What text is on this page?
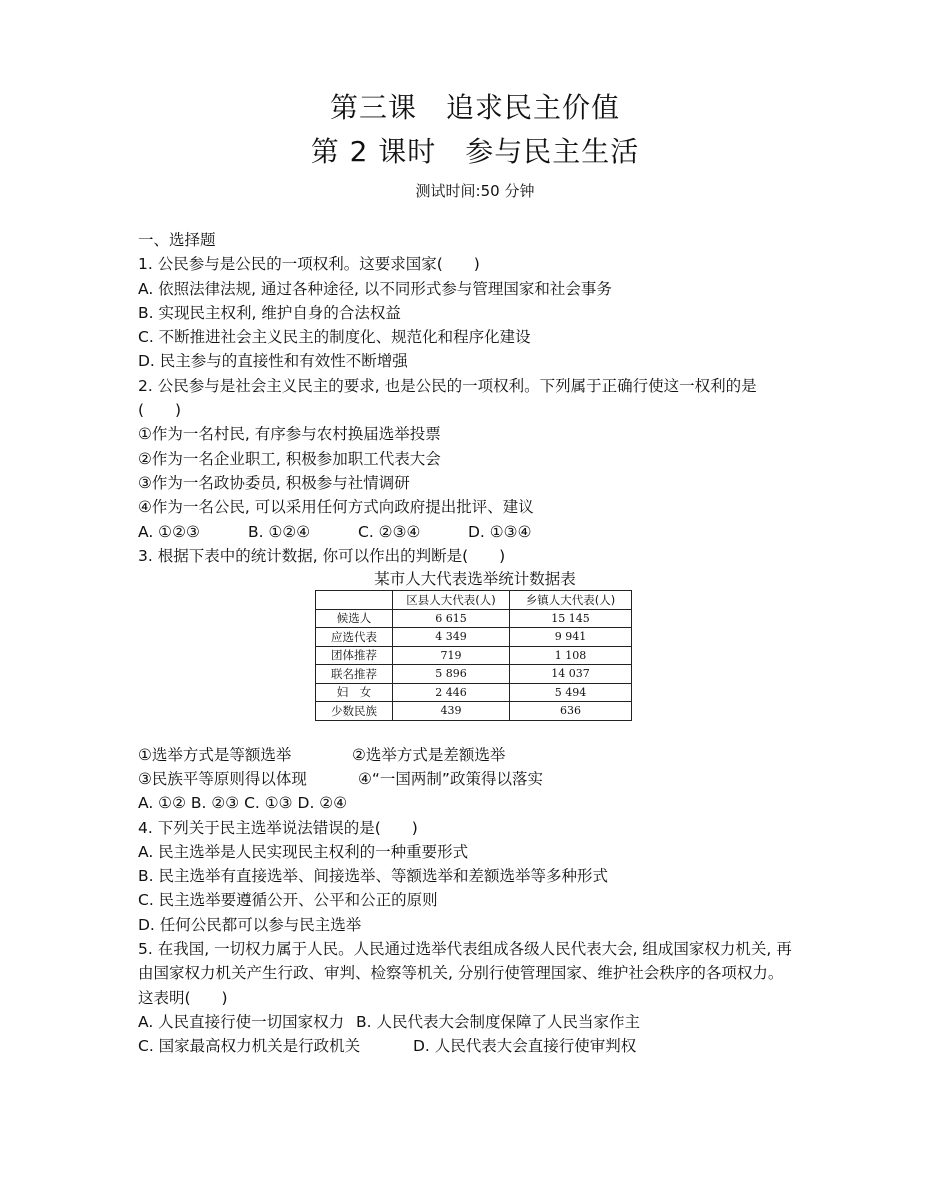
第三课　追求民主价值
第 2 课时　参与民主生活
测试时间:50 分钟
一、选择题
1. 公民参与是公民的一项权利。这要求国家(　　)
A. 依照法律法规, 通过各种途径, 以不同形式参与管理国家和社会事务
B. 实现民主权利, 维护自身的合法权益
C. 不断推进社会主义民主的制度化、规范化和程序化建设
D. 民主参与的直接性和有效性不断增强
2. 公民参与是社会主义民主的要求, 也是公民的一项权利。下列属于正确行使这一权利的是
(　　)
①作为一名村民, 有序参与农村换届选举投票
②作为一名企业职工, 积极参加职工代表大会
③作为一名政协委员, 积极参与社情调研
④作为一名公民, 可以采用任何方式向政府提出批评、建议
A. ①②③	B. ①②④	C. ②③④	D. ①③④
3. 根据下表中的统计数据, 你可以作出的判断是(　　)
某市人大代表选举统计数据表
	区县人大代表(人)	乡镇人大代表(人)
候选人	6 615	15 145
应选代表	4 349	9 941
团体推荐	719	1 108
联名推荐	5 896	14 037
妇　女	2 446	5 494
少数民族	439	636
①选举方式是等额选举	②选举方式是差额选举
③民族平等原则得以体现	④“一国两制”政策得以落实
A. ①② B. ②③ C. ①③ D. ②④
4. 下列关于民主选举说法错误的是(　　)
A. 民主选举是人民实现民主权利的一种重要形式
B. 民主选举有直接选举、间接选举、等额选举和差额选举等多种形式
C. 民主选举要遵循公开、公平和公正的原则
D. 任何公民都可以参与民主选举
5. 在我国, 一切权力属于人民。人民通过选举代表组成各级人民代表大会, 组成国家权力机关, 再
由国家权力机关产生行政、审判、检察等机关, 分别行使管理国家、维护社会秩序的各项权力。
这表明(　　)
A. 人民直接行使一切国家权力 B. 人民代表大会制度保障了人民当家作主
C. 国家最高权力机关是行政机关	D. 人民代表大会直接行使审判权
